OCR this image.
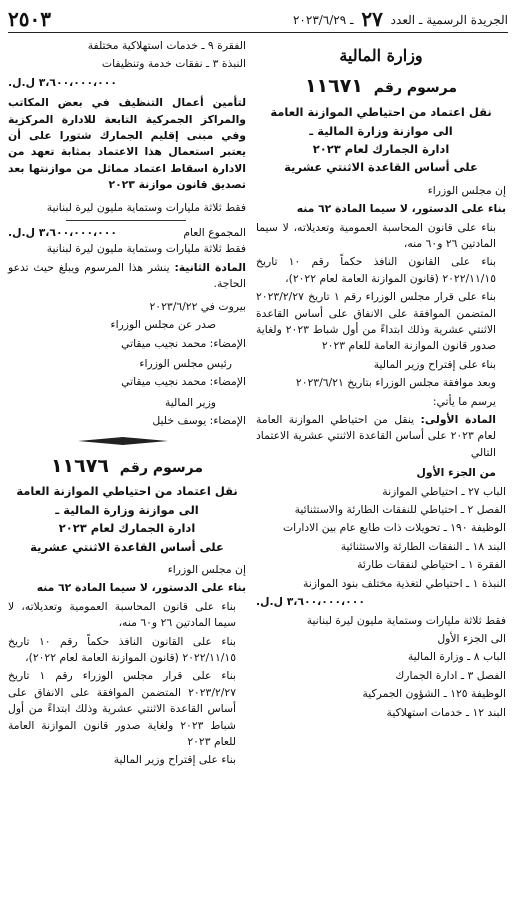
الجريدة الرسمية ـ العدد ٢٧ ـ ٢٠٢٣/٦/٢٩
٢٥٠٣
وزارة المالية
مرسوم رقم ١١٦٧١
نقل اعتماد من احتياطي الموازنة العامة
الى موازنة وزارة المالية ـ
ادارة الجمارك لعام ٢٠٢٣
على أساس القاعدة الاثنتي عشرية

إن مجلس الوزراء

بناء على الدستور، لا سيما المادة ٦٢ منه

بناء على قانون المحاسبة العمومية وتعديلاته، لا سيما المادتين ٢٦ و٦٠ منه،

بناء على القانون النافذ حكماً رقم ١٠ تاريخ ٢٠٢٢/١١/١٥ (قانون الموازنة العامة لعام ٢٠٢٢)،

بناء على قرار مجلس الوزراء رقم ١ تاريخ ٢٠٢٣/٢/٢٧ المتضمن الموافقة على الانفاق على أساس القاعدة الاثنتي عشرية وذلك ابتداءً من أول شباط ٢٠٢٣ ولغاية صدور قانون الموازنة العامة للعام ٢٠٢٣

بناء على إقتراح وزير المالية

وبعد موافقة مجلس الوزراء بتاريخ ٢٠٢٣/٦/٢١

يرسم ما يأتي:

المادة الأولى: ينقل من احتياطي الموازنة العامة لعام ٢٠٢٣ على أساس القاعدة الاثنتي عشرية الاعتماد التالي

من الجزء الأول

الباب ٢٧ ـ احتياطي الموازنة

الفصل ٢ ـ احتياطي للنفقات الطارئة والاستثنائية

الوظيفة ١٩٠ ـ تحويلات ذات طابع عام بين الادارات

البند ١٨ ـ النفقات الطارئة والاستثنائية

الفقرة ١ ـ احتياطي لنفقات طارئة

النبذة ١ ـ احتياطي لتغذية مختلف بنود الموازنة

٣،٦٠٠،٠٠٠،٠٠٠ ل.ل.

فقط ثلاثة مليارات وستماية مليون ليرة لبنانية

الى الجزء الأول

الباب ٨ ـ وزارة المالية

الفصل ٣ ـ ادارة الجمارك

الوظيفة ١٢٥ ـ الشؤون الجمركية

البند ١٢ ـ خدمات استهلاكية

الفقرة ٩ ـ خدمات استهلاكية مختلفة

النبذة ٣ ـ نفقات خدمة وتنظيفات

٣،٦٠٠،٠٠٠،٠٠٠ ل.ل.

لتأمين أعمال التنظيف في بعض المكاتب والمراكز الجمركية التابعة للادارة المركزية وفي مبنى إقليم الجمارك شتورا على أن يعتبر استعمال هذا الاعتماد بمثابة تعهد من الادارة اسقاط اعتماد مماثل من موازنتها بعد تصديق قانون موازنة ٢٠٢٣

فقط ثلاثة مليارات وستماية مليون ليرة لبنانية

المجموع العام
٣،٦٠٠،٠٠٠،٠٠٠ ل.ل.

فقط ثلاثة مليارات وستماية مليون ليرة لبنانية

المادة الثانية: ينشر هذا المرسوم ويبلغ حيث تدعو الحاجة.

بيروت في ٢٠٢٣/٦/٢٢

صدر عن مجلس الوزراء

الإمضاء: محمد نجيب ميقاتي

رئيس مجلس الوزراء

الإمضاء: محمد نجيب ميقاتي

وزير المالية

الإمضاء: يوسف خليل

مرسوم رقم ١١٦٧٦
نقل اعتماد من احتياطي الموازنة العامة
الى موازنة وزارة المالية ـ
ادارة الجمارك لعام ٢٠٢٣
على أساس القاعدة الاثنتي عشرية

إن مجلس الوزراء

بناء على الدستور، لا سيما المادة ٦٢ منه

بناء على قانون المحاسبة العمومية وتعديلاته، لا سيما المادتين ٢٦ و٦٠ منه،

بناء على القانون النافذ حكماً رقم ١٠ تاريخ ٢٠٢٢/١١/١٥ (قانون الموازنة العامة لعام ٢٠٢٢)،

بناء على قرار مجلس الوزراء رقم ١ تاريخ ٢٠٢٣/٢/٢٧ المتضمن الموافقة على الانفاق على أساس القاعدة الاثنتي عشرية وذلك ابتداءً من أول شباط ٢٠٢٣ ولغاية صدور قانون الموازنة العامة للعام ٢٠٢٣

بناء على إقتراح وزير المالية
